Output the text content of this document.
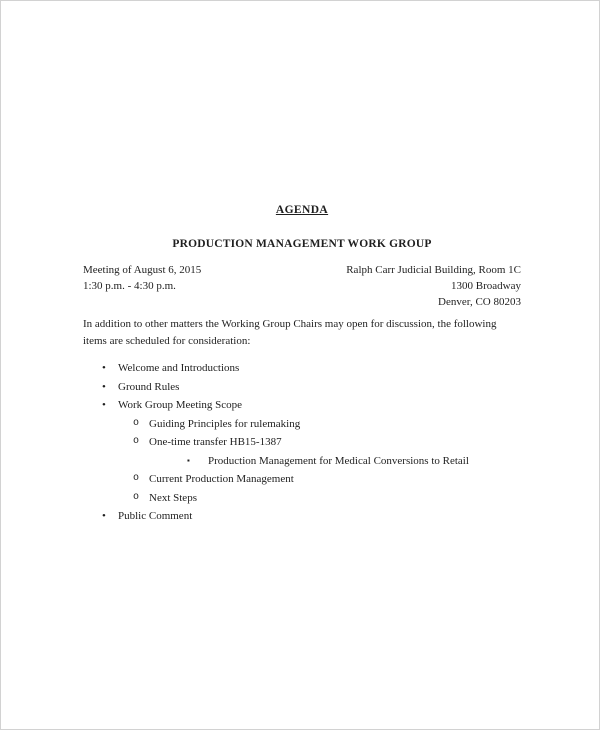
AGENDA
PRODUCTION MANAGEMENT WORK GROUP
Meeting of August 6, 2015
1:30 p.m. - 4:30 p.m.
Ralph Carr Judicial Building, Room 1C
1300 Broadway
Denver, CO 80203

In addition to other matters the Working Group Chairs may open for discussion, the following items are scheduled for consideration:

• Welcome and Introductions
• Ground Rules
• Work Group Meeting Scope
o Guiding Principles for rulemaking
o One-time transfer HB15-1387
▪ Production Management for Medical Conversions to Retail
o Current Production Management
o Next Steps
• Public Comment
